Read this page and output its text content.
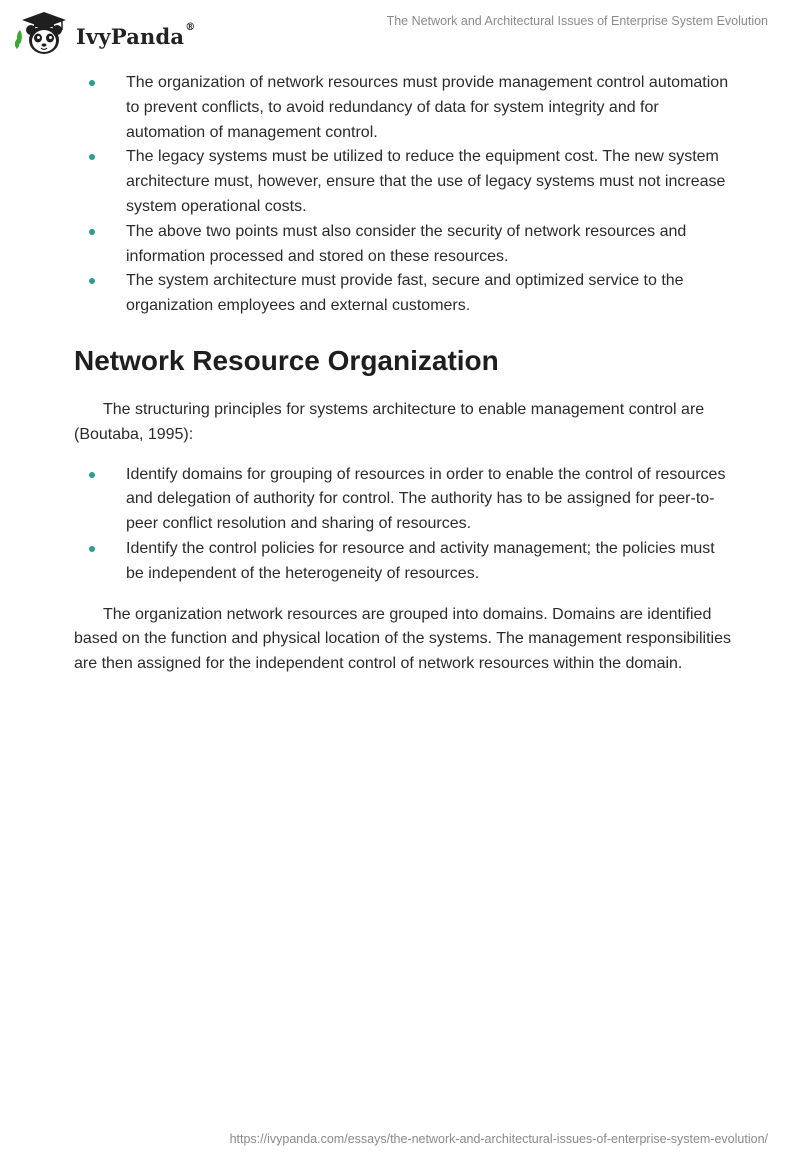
IvyPanda®	The Network and Architectural Issues of Enterprise System Evolution
The organization of network resources must provide management control automation to prevent conflicts, to avoid redundancy of data for system integrity and for automation of management control.
The legacy systems must be utilized to reduce the equipment cost. The new system architecture must, however, ensure that the use of legacy systems must not increase system operational costs.
The above two points must also consider the security of network resources and information processed and stored on these resources.
The system architecture must provide fast, secure and optimized service to the organization employees and external customers.
Network Resource Organization

The structuring principles for systems architecture to enable management control are (Boutaba, 1995):

Identify domains for grouping of resources in order to enable the control of resources and delegation of authority for control. The authority has to be assigned for peer-to-peer conflict resolution and sharing of resources.
Identify the control policies for resource and activity management; the policies must be independent of the heterogeneity of resources.

The organization network resources are grouped into domains. Domains are identified based on the function and physical location of the systems. The management responsibilities are then assigned for the independent control of network resources within the domain.

https://ivypanda.com/essays/the-network-and-architectural-issues-of-enterprise-system-evolution/
